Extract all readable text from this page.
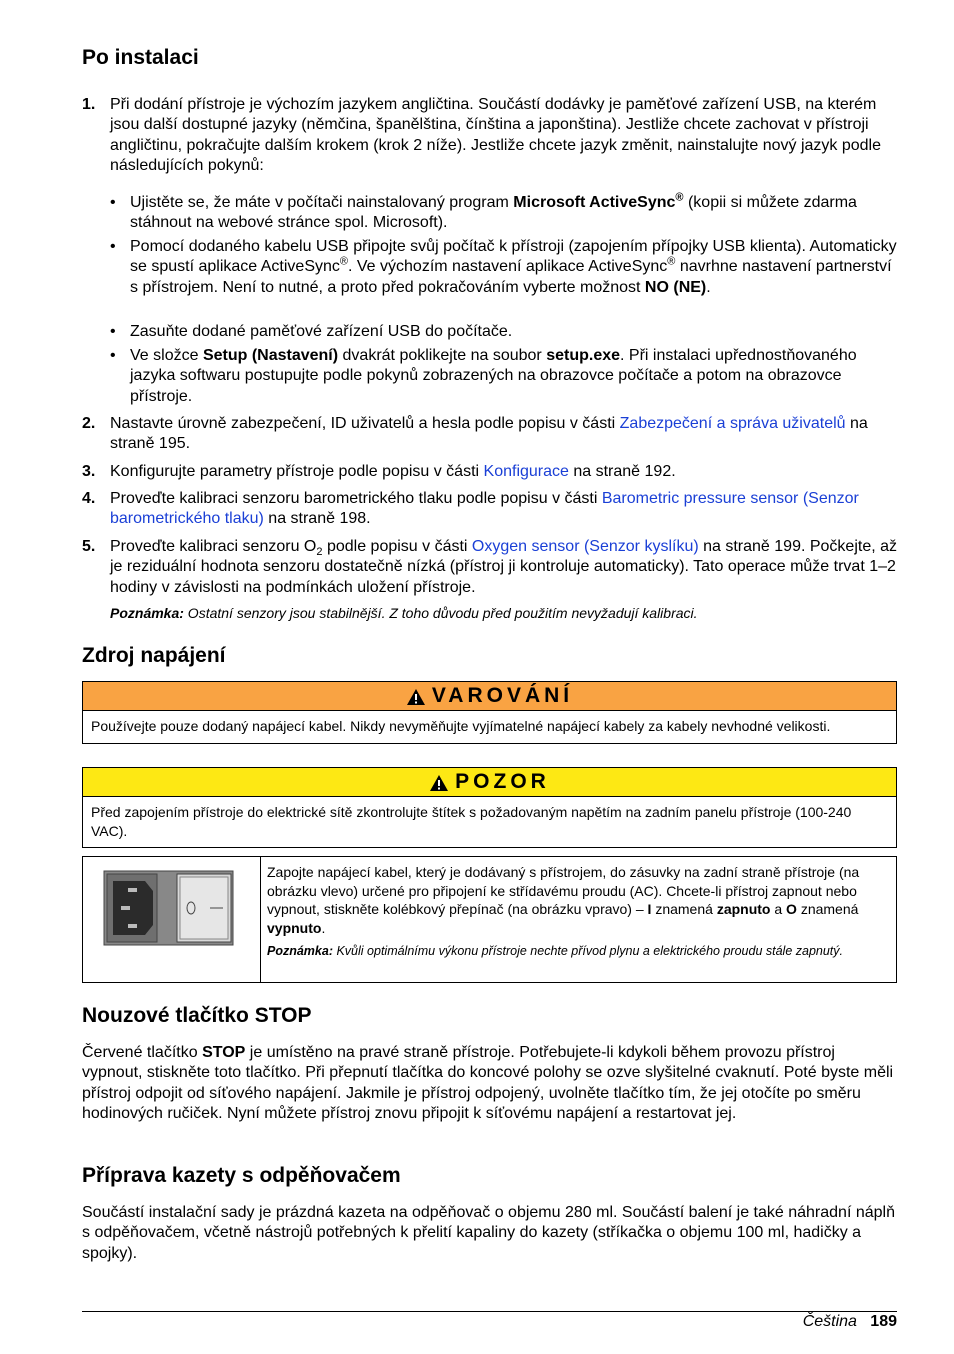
Po instalaci
1. Při dodání přístroje je výchozím jazykem angličtina. Součástí dodávky je paměťové zařízení USB, na kterém jsou další dostupné jazyky (němčina, španělština, čínština a japonština). Jestliže chcete zachovat v přístroji angličtinu, pokračujte dalším krokem (krok 2 níže). Jestliže chcete jazyk změnit, nainstalujte nový jazyk podle následujících pokynů:
• Ujistěte se, že máte v počítači nainstalovaný program Microsoft ActiveSync® (kopii si můžete zdarma stáhnout na webové stránce spol. Microsoft).
• Pomocí dodaného kabelu USB připojte svůj počítač k přístroji (zapojením přípojky USB klienta). Automaticky se spustí aplikace ActiveSync®. Ve výchozím nastavení aplikace ActiveSync® navrhne nastavení partnerství s přístrojem. Není to nutné, a proto před pokračováním vyberte možnost NO (NE).
• Zasuňte dodané paměťové zařízení USB do počítače.
• Ve složce Setup (Nastavení) dvakrát poklikejte na soubor setup.exe. Při instalaci upřednostňovaného jazyka softwaru postupujte podle pokynů zobrazených na obrazovce počítače a potom na obrazovce přístroje.
2. Nastavte úrovně zabezpečení, ID uživatelů a hesla podle popisu v části Zabezpečení a správa uživatelů na straně 195.
3. Konfigurujte parametry přístroje podle popisu v části Konfigurace na straně 192.
4. Proveďte kalibraci senzoru barometrického tlaku podle popisu v části Barometric pressure sensor (Senzor barometrického tlaku) na straně 198.
5. Proveďte kalibraci senzoru $O_2$ podle popisu v části Oxygen sensor (Senzor kyslíku) na straně 199. Počkejte, až je reziduální hodnota senzoru dostatečně nízká (přístroj ji kontroluje automaticky). Tato operace může trvat 1–2 hodiny v závislosti na podmínkách uložení přístroje.
Poznámka: Ostatní senzory jsou stabilnější. Z toho důvodu před použitím nevyžadují kalibraci.
Zdroj napájení
VAROVÁNÍ
Používejte pouze dodaný napájecí kabel. Nikdy nevyměňujte vyjímatelné napájecí kabely za kabely nevhodné velikosti.
POZOR
Před zapojením přístroje do elektrické sítě zkontrolujte štítek s požadovaným napětím na zadním panelu přístroje (100-240 VAC).
Zapojte napájecí kabel, který je dodávaný s přístrojem, do zásuvky na zadní straně přístroje (na obrázku vlevo) určené pro připojení ke střídavému proudu (AC). Chcete-li přístroj zapnout nebo vypnout, stiskněte kolébkový přepínač (na obrázku vpravo) – I znamená zapnuto a O znamená vypnuto.
Poznámka: Kvůli optimálnímu výkonu přístroje nechte přívod plynu a elektrického proudu stále zapnutý.
Nouzové tlačítko STOP
Červené tlačítko STOP je umístěno na pravé straně přístroje. Potřebujete-li kdykoli během provozu přístroj vypnout, stiskněte toto tlačítko. Při přepnutí tlačítka do koncové polohy se ozve slyšitelné cvaknutí. Poté byste měli přístroj odpojit od síťového napájení. Jakmile je přístroj odpojený, uvolněte tlačítko tím, že jej otočíte po směru hodinových ručiček. Nyní můžete přístroj znovu připojit k síťovému napájení a restartovat jej.
Příprava kazety s odpěňovačem
Součástí instalační sady je prázdná kazeta na odpěňovač o objemu 280 ml. Součástí balení je také náhradní náplň s odpěňovačem, včetně nástrojů potřebných k přelití kapaliny do kazety (stříkačka o objemu 100 ml, hadičky a spojky).
Čeština 189
